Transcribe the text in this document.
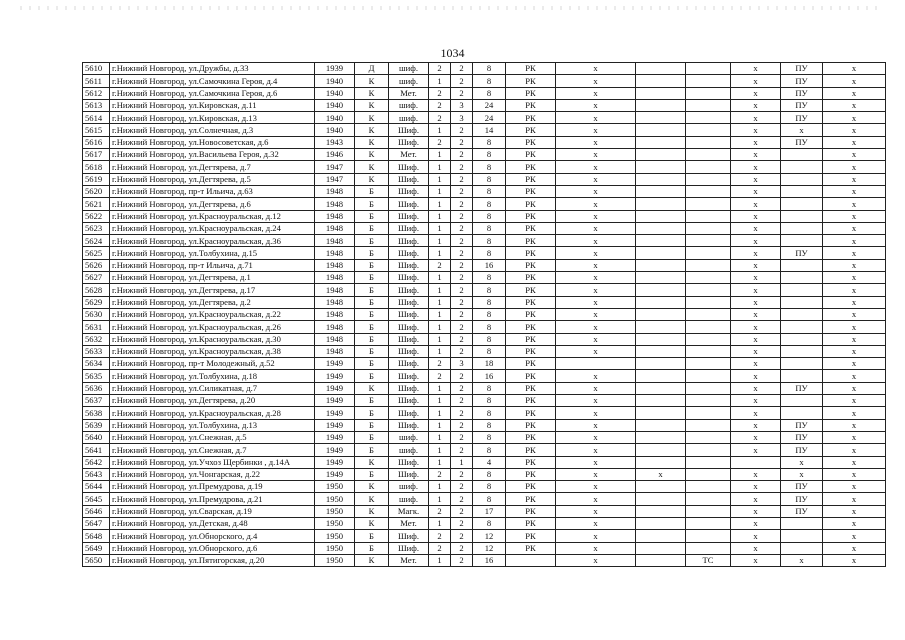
1034
5610	г.Нижний Новгород, ул.Дружбы, д.33	1939	Д	шиф.	2	2	8	РК	х			х	ПУ	х
5611	г.Нижний Новгород, ул.Самочкина Героя, д.4	1940	К	шиф.	1	2	8	РК	х			х	ПУ	х
5612	г.Нижний Новгород, ул.Самочкина Героя, д.6	1940	К	Мет.	2	2	8	РК	х			х	ПУ	х
5613	г.Нижний Новгород, ул.Кировская, д.11	1940	К	шиф.	2	3	24	РК	х			х	ПУ	х
5614	г.Нижний Новгород, ул.Кировская, д.13	1940	К	шиф.	2	3	24	РК	х			х	ПУ	х
5615	г.Нижний Новгород, ул.Солнечная, д.3	1940	К	Шиф.	1	2	14	РК	х			х	х	х
5616	г.Нижний Новгород, ул.Новосоветская, д.6	1943	К	Шиф.	2	2	8	РК	х			х	ПУ	х
5617	г.Нижний Новгород, ул.Васильева Героя, д.32	1946	К	Мет.	1	2	8	РК	х			х		х
5618	г.Нижний Новгород, ул.Дегтярева, д.7	1947	К	Шиф.	1	2	8	РК	х			х		х
5619	г.Нижний Новгород, ул.Дегтярева, д.5	1947	К	Шиф.	1	2	8	РК	х			х		х
5620	г.Нижний Новгород, пр-т Ильича, д.63	1948	Б	Шиф.	1	2	8	РК	х			х		х
5621	г.Нижний Новгород, ул.Дегтярева, д.6	1948	Б	Шиф.	1	2	8	РК	х			х		х
5622	г.Нижний Новгород, ул.Красноуральская, д.12	1948	Б	Шиф.	1	2	8	РК	х			х		х
5623	г.Нижний Новгород, ул.Красноуральская, д.24	1948	Б	Шиф.	1	2	8	РК	х			х		х
5624	г.Нижний Новгород, ул.Красноуральская, д.36	1948	Б	Шиф.	1	2	8	РК	х			х		х
5625	г.Нижний Новгород, ул.Толбухина, д.15	1948	Б	Шиф.	1	2	8	РК	х			х	ПУ	х
5626	г.Нижний Новгород, пр-т Ильича, д.71	1948	Б	Шиф.	2	2	16	РК	х			х		х
5627	г.Нижний Новгород, ул.Дегтярева, д.1	1948	Б	Шиф.	1	2	8	РК	х			х		х
5628	г.Нижний Новгород, ул.Дегтярева, д.17	1948	Б	Шиф.	1	2	8	РК	х			х		х
5629	г.Нижний Новгород, ул.Дегтярева, д.2	1948	Б	Шиф.	1	2	8	РК	х			х		х
5630	г.Нижний Новгород, ул.Красноуральская, д.22	1948	Б	Шиф.	1	2	8	РК	х			х		х
5631	г.Нижний Новгород, ул.Красноуральская, д.26	1948	Б	Шиф.	1	2	8	РК	х			х		х
5632	г.Нижний Новгород, ул.Красноуральская, д.30	1948	Б	Шиф.	1	2	8	РК	х			х		х
5633	г.Нижний Новгород, ул.Красноуральская, д.38	1948	Б	Шиф.	1	2	8	РК	х			х		х
5634	г.Нижний Новгород, пр-т Молодежный, д.52	1949	Б	Шиф.	2	3	18	РК				х		х
5635	г.Нижний Новгород, ул.Толбухина, д.18	1949	Б	Шиф.	2	2	16	РК	х			х		х
5636	г.Нижний Новгород, ул.Силикатная, д.7	1949	К	Шиф.	1	2	8	РК	х			х	ПУ	х
5637	г.Нижний Новгород, ул.Дегтярева, д.20	1949	Б	Шиф.	1	2	8	РК	х			х		х
5638	г.Нижний Новгород, ул.Красноуральская, д.28	1949	Б	Шиф.	1	2	8	РК	х			х		х
5639	г.Нижний Новгород, ул.Толбухина, д.13	1949	Б	Шиф.	1	2	8	РК	х			х	ПУ	х
5640	г.Нижний Новгород, ул.Снежная, д.5	1949	Б	шиф.	1	2	8	РК	х			х	ПУ	х
5641	г.Нижний Новгород, ул.Снежная, д.7	1949	Б	шиф.	1	2	8	РК	х			х	ПУ	х
5642	г.Нижний Новгород, ул.Учхоз Щербинки , д.14А	1949	К	Шиф.	1	1	4	РК	х				х	х
5643	г.Нижний Новгород, ул.Чонгарская, д.22	1949	Б	Шиф.	2	2	8	РК	х	х		х	х	х
5644	г.Нижний Новгород, ул.Премудрова, д.19	1950	К	шиф.	1	2	8	РК	х			х	ПУ	х
5645	г.Нижний Новгород, ул.Премудрова, д.21	1950	К	шиф.	1	2	8	РК	х			х	ПУ	х
5646	г.Нижний Новгород, ул.Сварская, д.19	1950	К	Магк.	2	2	17	РК	х			х	ПУ	х
5647	г.Нижний Новгород, ул.Детская, д.48	1950	К	Мет.	1	2	8	РК	х			х		х
5648	г.Нижний Новгород, ул.Обнорского, д.4	1950	Б	Шиф.	2	2	12	РК	х			х		х
5649	г.Нижний Новгород, ул.Обнорского, д.6	1950	Б	Шиф.	2	2	12	РК	х			х		х
5650	г.Нижний Новгород, ул.Пятигорская, д.20	1950	К	Мет.	1	2	16		х		ТС	х	х	х
